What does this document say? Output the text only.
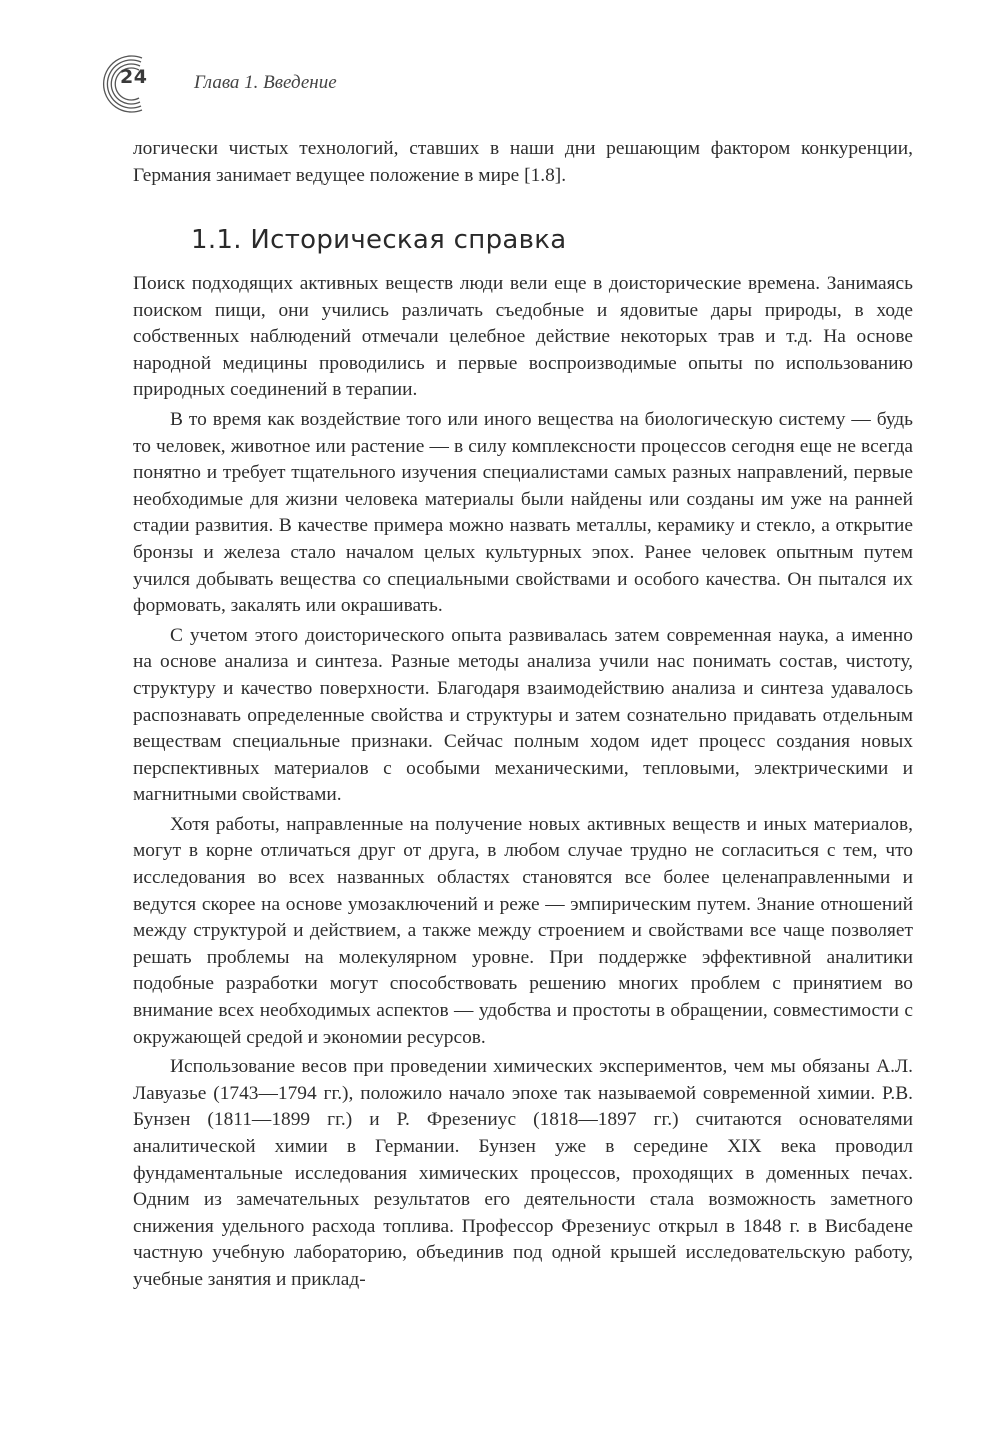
24 Глава 1. Введение

логически чистых технологий, ставших в наши дни решающим фактором конкуренции, Германия занимает ведущее положение в мире [1.8].

1.1. Историческая справка

Поиск подходящих активных веществ люди вели еще в доисторические времена. Занимаясь поиском пищи, они учились различать съедобные и ядовитые дары природы, в ходе собственных наблюдений отмечали целебное действие некоторых трав и т.д. На основе народной медицины проводились и первые воспроизводимые опыты по использованию природных соединений в терапии.

В то время как воздействие того или иного вещества на биологическую систему — будь то человек, животное или растение — в силу комплексности процессов сегодня еще не всегда понятно и требует тщательного изучения специалистами самых разных направлений, первые необходимые для жизни человека материалы были найдены или созданы им уже на ранней стадии развития. В качестве примера можно назвать металлы, керамику и стекло, а открытие бронзы и железа стало началом целых культурных эпох. Ранее человек опытным путем учился добывать вещества со специальными свойствами и особого качества. Он пытался их формовать, закалять или окрашивать.

С учетом этого доисторического опыта развивалась затем современная наука, а именно на основе анализа и синтеза. Разные методы анализа учили нас понимать состав, чистоту, структуру и качество поверхности. Благодаря взаимодействию анализа и синтеза удавалось распознавать определенные свойства и структуры и затем сознательно придавать отдельным веществам специальные признаки. Сейчас полным ходом идет процесс создания новых перспективных материалов с особыми механическими, тепловыми, электрическими и магнитными свойствами.

Хотя работы, направленные на получение новых активных веществ и иных материалов, могут в корне отличаться друг от друга, в любом случае трудно не согласиться с тем, что исследования во всех названных областях становятся все более целенаправленными и ведутся скорее на основе умозаключений и реже — эмпирическим путем. Знание отношений между структурой и действием, а также между строением и свойствами все чаще позволяет решать проблемы на молекулярном уровне. При поддержке эффективной аналитики подобные разработки могут способствовать решению многих проблем с принятием во внимание всех необходимых аспектов — удобства и простоты в обращении, совместимости с окружающей средой и экономии ресурсов.

Использование весов при проведении химических экспериментов, чем мы обязаны А.Л. Лавуазье (1743—1794 гг.), положило начало эпохе так называемой современной химии. Р.В. Бунзен (1811—1899 гг.) и Р. Фрезениус (1818—1897 гг.) считаются основателями аналитической химии в Германии. Бунзен уже в середине XIX века проводил фундаментальные исследования химических процессов, проходящих в доменных печах. Одним из замечательных результатов его деятельности стала возможность заметного снижения удельного расхода топлива. Профессор Фрезениус открыл в 1848 г. в Висбадене частную учебную лабораторию, объединив под одной крышей исследовательскую работу, учебные занятия и приклад-
